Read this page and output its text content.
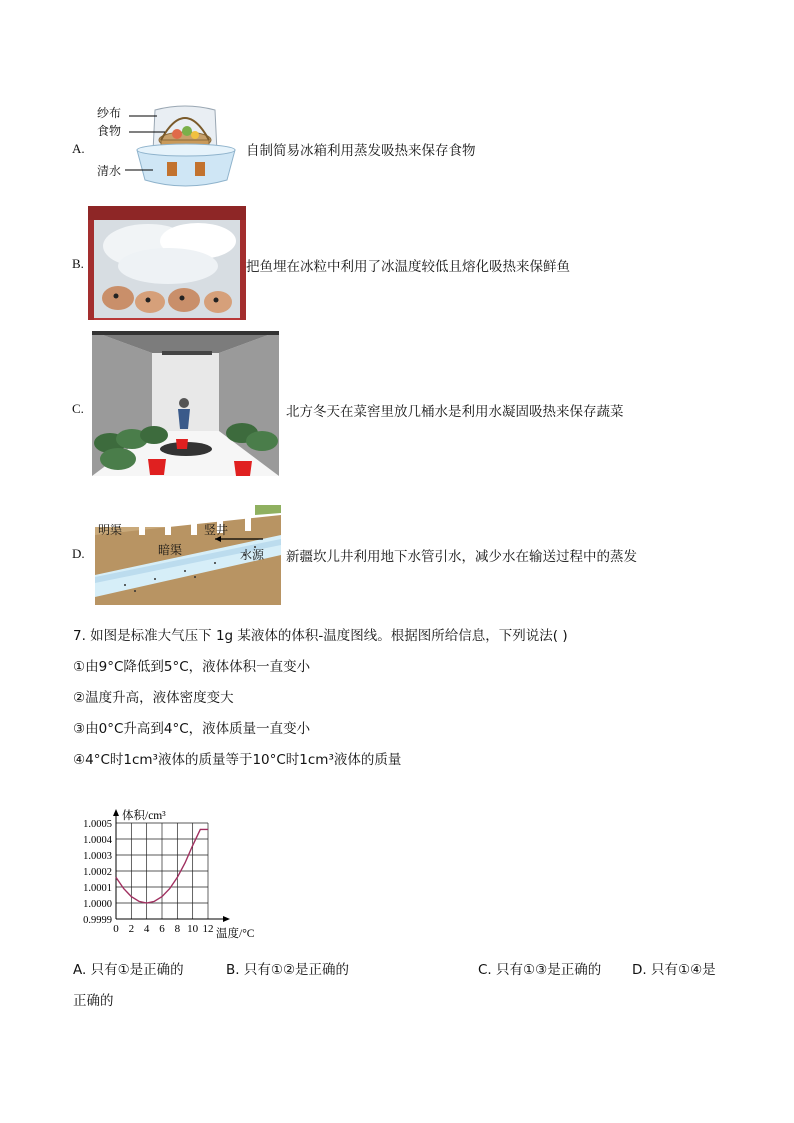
A.
纱布
食物
清水
自制简易冰箱利用蒸发吸热来保存食物
B.	把鱼埋在冰粒中利用了冰温度较低且熔化吸热来保鲜鱼
C.	北方冬天在菜窖里放几桶水是利用水凝固吸热来保存蔬菜
D.
明渠	竖井
暗渠	水源 新疆坎儿井利用地下水管引水，减少水在输送过程中的蒸发
7. 如图是标准大气压下 1g 某液体的体积-温度图线。根据图所给信息，下列说法( )
①由9°C降低到5°C，液体体积一直变小
②温度升高，液体密度变大
③由0°C升高到4°C，液体质量一直变小
④4°C时1cm³液体的质量等于10°C时1cm³液体的质量
0 2 4 6 8 10 12
0.9999
1.0000
1.0001
1.0002
1.0003
1.0004
1.0005
体积/cm³
温度/°C
A. 只有①是正确的	B. 只有①②是正确的	C. 只有①③是正确的 D. 只有①④是
正确的
